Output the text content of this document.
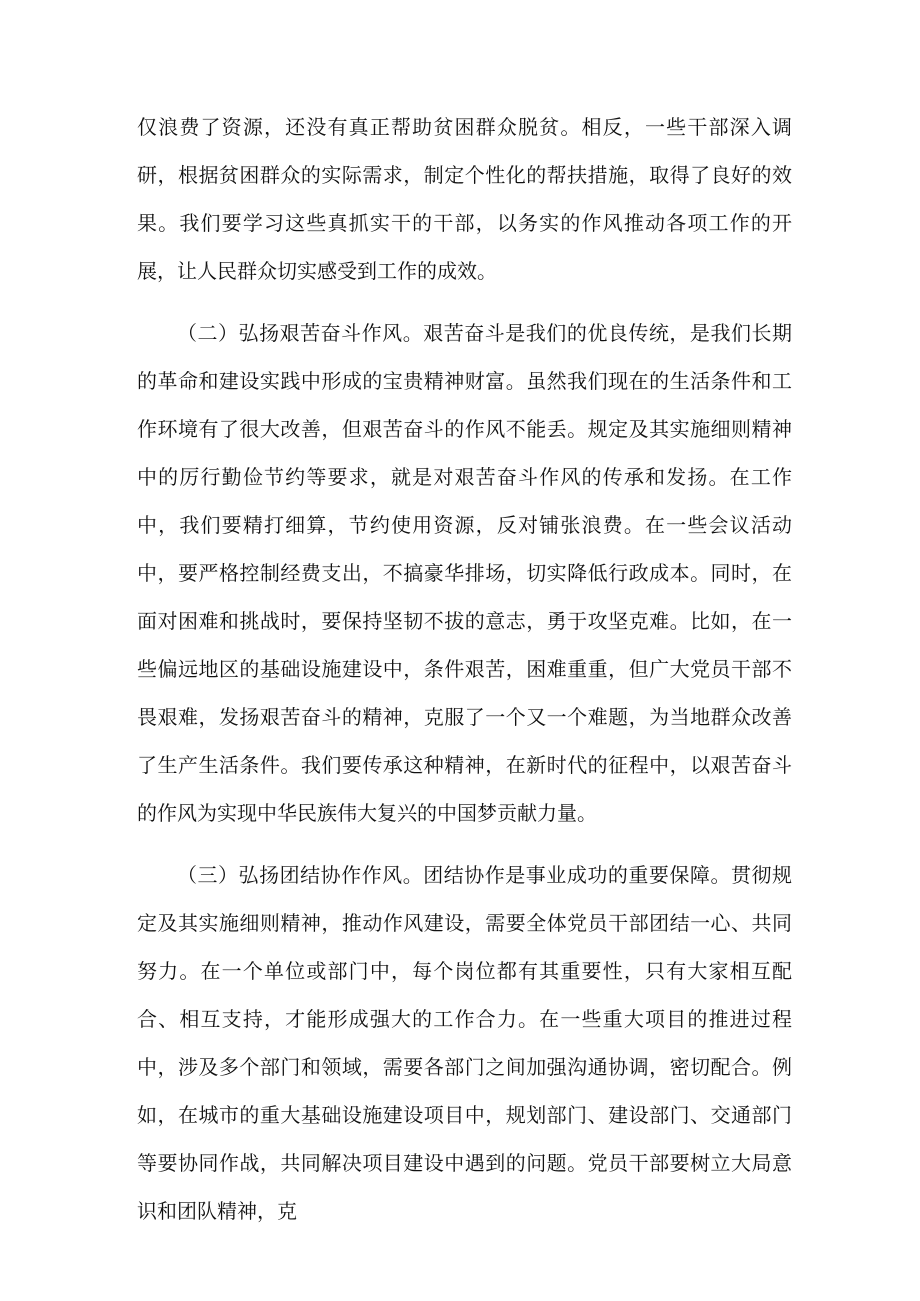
仅浪费了资源，还没有真正帮助贫困群众脱贫。相反，一些干部深入调研，根据贫困群众的实际需求，制定个性化的帮扶措施，取得了良好的效果。我们要学习这些真抓实干的干部，以务实的作风推动各项工作的开展，让人民群众切实感受到工作的成效。

（二）弘扬艰苦奋斗作风。艰苦奋斗是我们的优良传统，是我们长期的革命和建设实践中形成的宝贵精神财富。虽然我们现在的生活条件和工作环境有了很大改善，但艰苦奋斗的作风不能丢。规定及其实施细则精神中的厉行勤俭节约等要求，就是对艰苦奋斗作风的传承和发扬。在工作中，我们要精打细算，节约使用资源，反对铺张浪费。在一些会议活动中，要严格控制经费支出，不搞豪华排场，切实降低行政成本。同时，在面对困难和挑战时，要保持坚韧不拔的意志，勇于攻坚克难。比如，在一些偏远地区的基础设施建设中，条件艰苦，困难重重，但广大党员干部不畏艰难，发扬艰苦奋斗的精神，克服了一个又一个难题，为当地群众改善了生产生活条件。我们要传承这种精神，在新时代的征程中，以艰苦奋斗的作风为实现中华民族伟大复兴的中国梦贡献力量。

（三）弘扬团结协作作风。团结协作是事业成功的重要保障。贯彻规定及其实施细则精神，推动作风建设，需要全体党员干部团结一心、共同努力。在一个单位或部门中，每个岗位都有其重要性，只有大家相互配合、相互支持，才能形成强大的工作合力。在一些重大项目的推进过程中，涉及多个部门和领域，需要各部门之间加强沟通协调，密切配合。例如，在城市的重大基础设施建设项目中，规划部门、建设部门、交通部门等要协同作战，共同解决项目建设中遇到的问题。党员干部要树立大局意识和团队精神，克
